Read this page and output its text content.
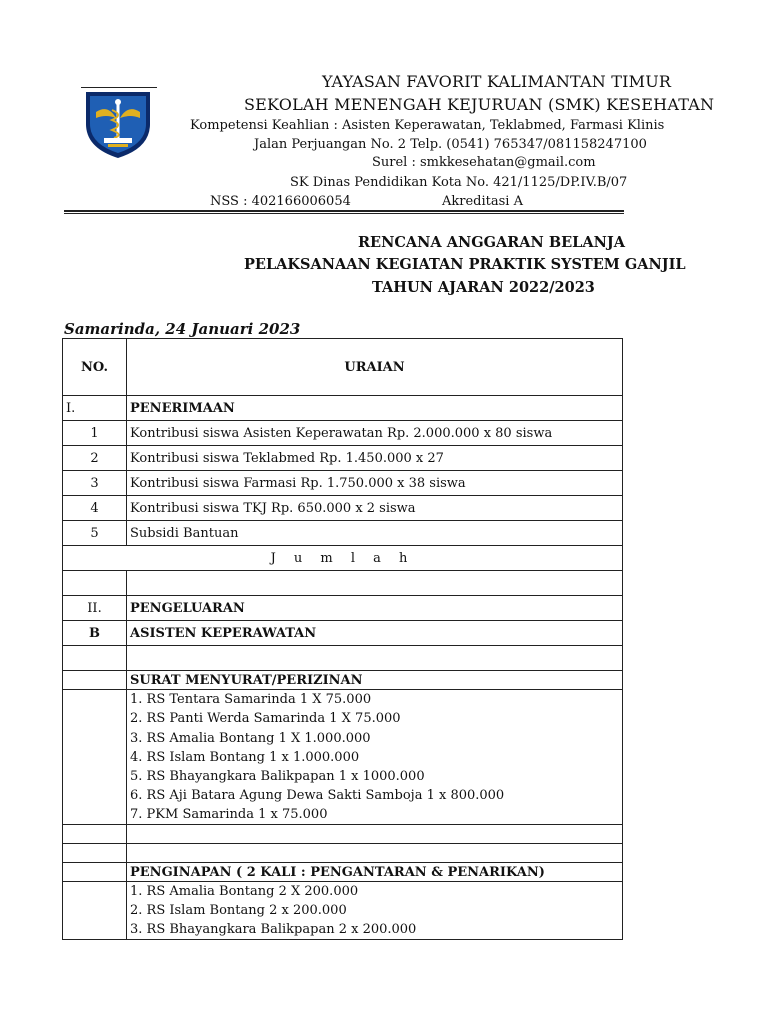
YAYASAN FAVORIT KALIMANTAN TIMUR
SEKOLAH MENENGAH KEJURUAN (SMK) KESEHATAN
Kompetensi Keahlian : Asisten Keperawatan, Teklabmed, Farmasi Klinis
Jalan Perjuangan No. 2 Telp. (0541) 765347/081158247100
Surel : smkkesehatan@gmail.com
SK Dinas Pendidikan Kota No. 421/1125/DP.IV.B/07
NSS : 402166006054	Akreditasi A
RENCANA ANGGARAN BELANJA
PELAKSANAAN KEGIATAN PRAKTIK SYSTEM GANJIL
TAHUN AJARAN 2022/2023
Samarinda, 24 Januari 2023
NO.	URAIAN
I.	PENERIMAAN
1	Kontribusi siswa Asisten Keperawatan Rp. 2.000.000 x 80 siswa
2	Kontribusi siswa Teklabmed Rp. 1.450.000 x 27
3	Kontribusi siswa Farmasi Rp. 1.750.000 x 38 siswa
4	Kontribusi siswa TKJ Rp. 650.000 x 2 siswa
5	Subsidi Bantuan
J u m l a h	

II.	PENGELUARAN
B	ASISTEN KEPERAWATAN

	SURAT MENYURAT/PERIZINAN
	1. RS Tentara Samarinda 1 X 75.000
	2. RS Panti Werda Samarinda 1 X 75.000
	3. RS Amalia Bontang 1 X 1.000.000
	4. RS Islam Bontang 1 x 1.000.000
	5. RS Bhayangkara Balikpapan 1 x 1000.000
	6. RS Aji Batara Agung Dewa Sakti Samboja 1 x 800.000
	7. PKM Samarinda 1 x 75.000

	PENGINAPAN ( 2 KALI : PENGANTARAN & PENARIKAN)
	1. RS Amalia Bontang 2 X 200.000
	2. RS Islam Bontang 2 x 200.000
	3. RS Bhayangkara Balikpapan 2 x 200.000
